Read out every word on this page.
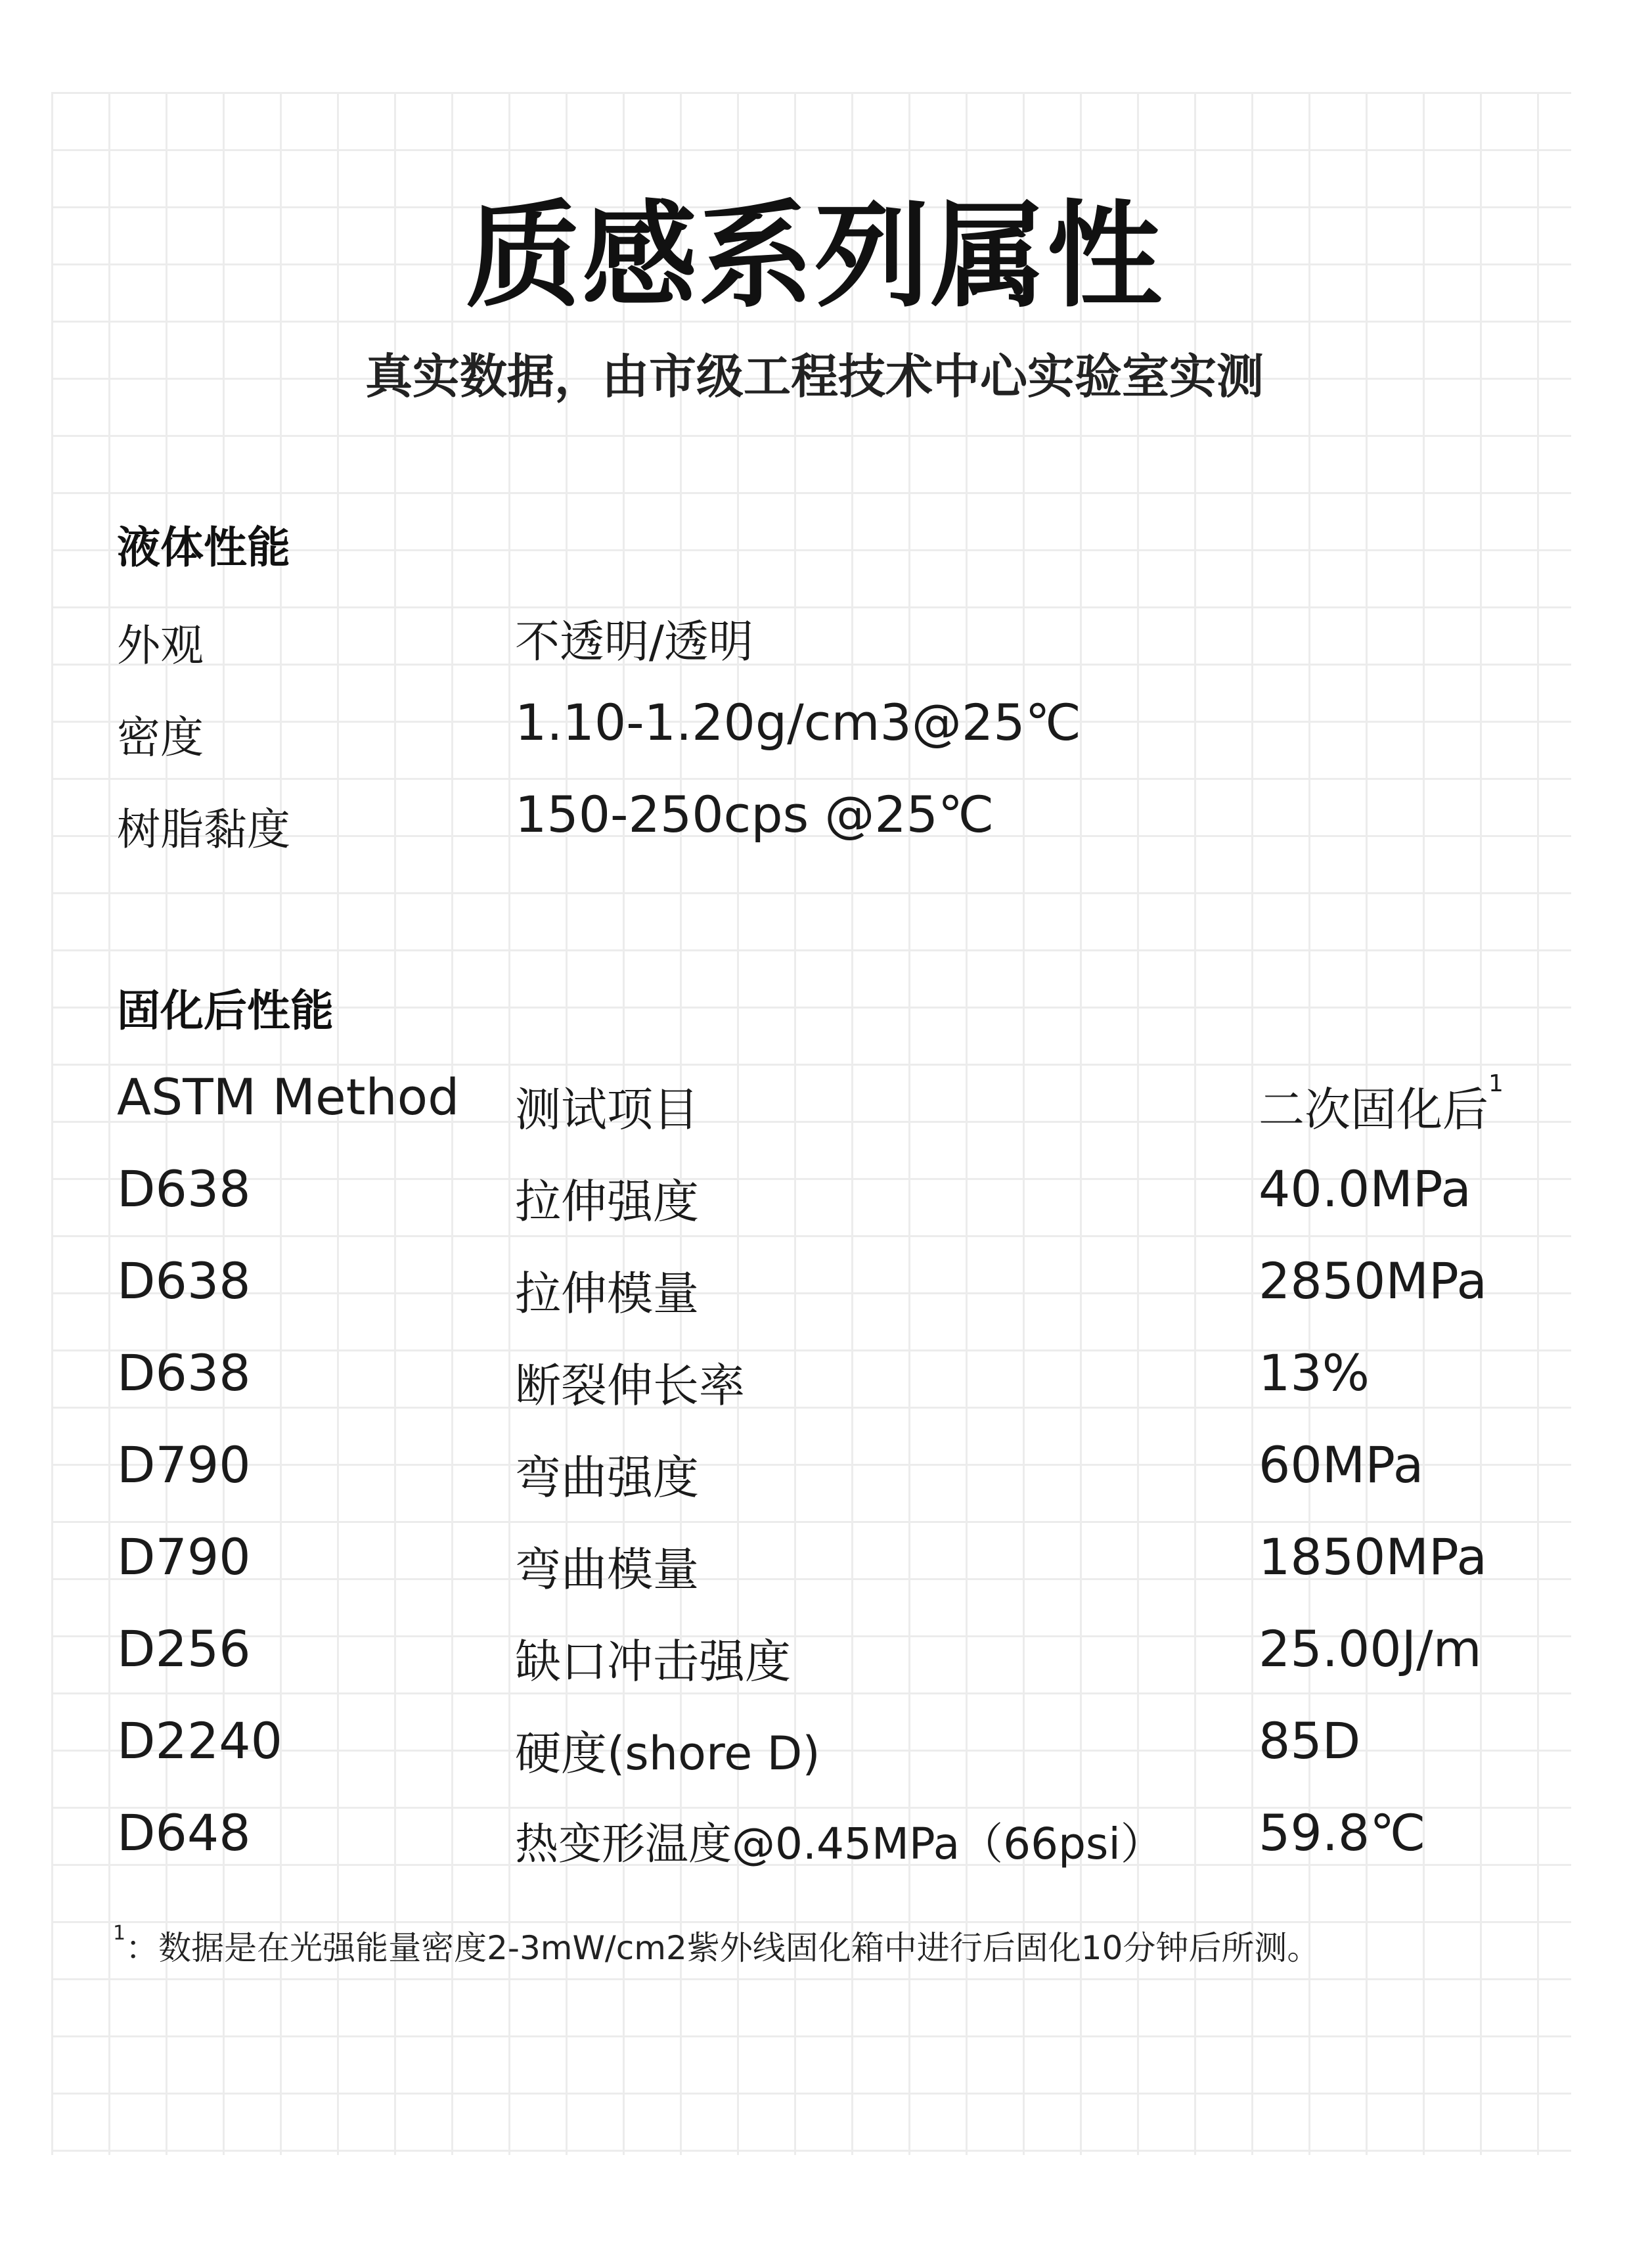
质感系列属性
真实数据，由市级工程技术中心实验室实测
液体性能
外观	不透明/透明
密度	1.10-1.20g/cm3@25℃
树脂黏度	150-250cps @25℃
固化后性能
ASTM Method 测试项目	二次固化后$^1$
D638	拉伸强度	40.0MPa
D638	拉伸模量	2850MPa
D638	断裂伸长率	13%
D790	弯曲强度	60MPa
D790	弯曲模量	1850MPa
D256	缺口冲击强度	25.00J/m
D2240	硬度(shore D)	85D
D648	热变形温度@0.45MPa（66psi） 59.8℃
$^1$：数据是在光强能量密度2-3mW/cm2紫外线固化箱中进行后固化10分钟后所测。
